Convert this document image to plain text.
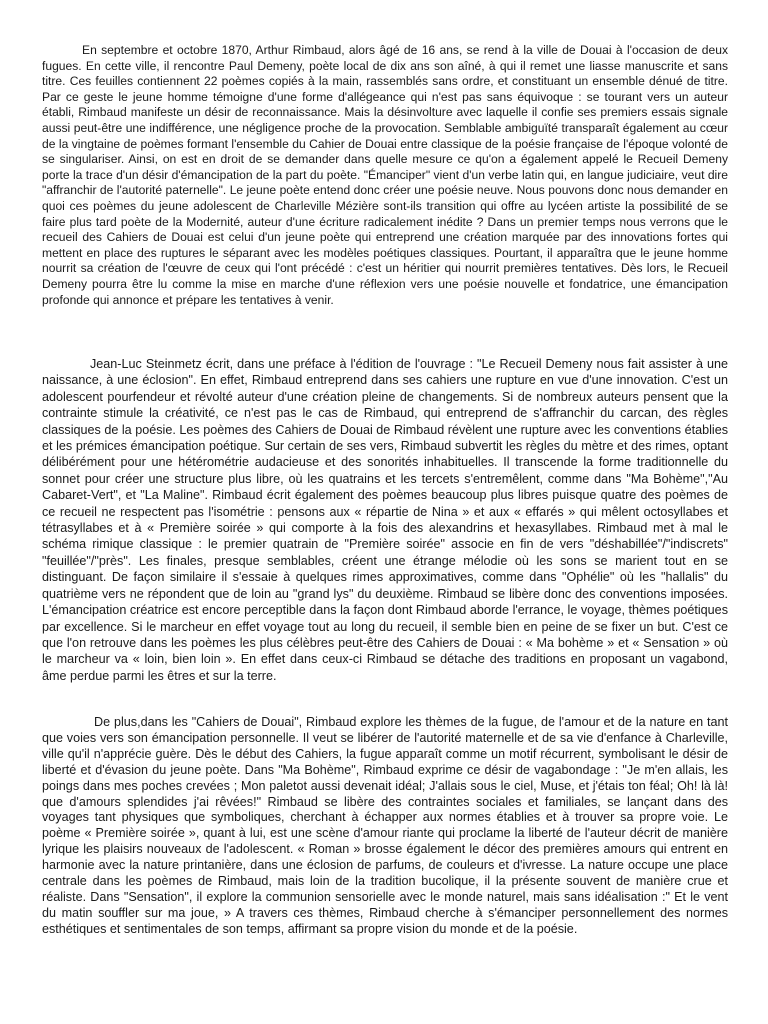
En septembre et octobre 1870, Arthur Rimbaud, alors âgé de 16 ans, se rend à la ville de Douai à l'occasion de deux fugues. En cette ville, il rencontre Paul Demeny, poète local de dix ans son aîné, à qui il remet une liasse manuscrite et sans titre. Ces feuilles contiennent 22 poèmes copiés à la main, rassemblés sans ordre, et constituant un ensemble dénué de titre. Par ce geste le jeune homme témoigne d'une forme d'allégeance qui n'est pas sans équivoque : se tourant vers un auteur établi, Rimbaud manifeste un désir de reconnaissance. Mais la désinvolture avec laquelle il confie ses premiers essais signale aussi peut-être une indifférence, une négligence proche de la provocation. Semblable ambiguïté transparaît également au cœur de la vingtaine de poèmes formant l'ensemble du Cahier de Douai entre classique de la poésie française de l'époque volonté de se singulariser. Ainsi, on est en droit de se demander dans quelle mesure ce qu'on a également appelé le Recueil Demeny porte la trace d'un désir d'émancipation de la part du poète. "Émanciper" vient d'un verbe latin qui, en langue judiciaire, veut dire "affranchir de l'autorité paternelle". Le jeune poète entend donc créer une poésie neuve. Nous pouvons donc nous demander en quoi ces poèmes du jeune adolescent de Charleville Mézière sont-ils transition qui offre au lycéen artiste la possibilité de se faire plus tard poète de la Modernité, auteur d'une écriture radicalement inédite ? Dans un premier temps nous verrons que le recueil des Cahiers de Douai est celui d'un jeune poète qui entreprend une création marquée par des innovations fortes qui mettent en place des ruptures le séparant avec les modèles poétiques classiques. Pourtant, il apparaîtra que le jeune homme nourrit sa création de l'œuvre de ceux qui l'ont précédé : c'est un héritier qui nourrit premières tentatives. Dès lors, le Recueil Demeny pourra être lu comme la mise en marche d'une réflexion vers une poésie nouvelle et fondatrice, une émancipation profonde qui annonce et prépare les tentatives à venir.

Jean-Luc Steinmetz écrit, dans une préface à l'édition de l'ouvrage : "Le Recueil Demeny nous fait assister à une naissance, à une éclosion". En effet, Rimbaud entreprend dans ses cahiers une rupture en vue d'une innovation. C'est un adolescent pourfendeur et révolté auteur d'une création pleine de changements. Si de nombreux auteurs pensent que la contrainte stimule la créativité, ce n'est pas le cas de Rimbaud, qui entreprend de s'affranchir du carcan, des règles classiques de la poésie. Les poèmes des Cahiers de Douai de Rimbaud révèlent une rupture avec les conventions établies et les prémices émancipation poétique. Sur certain de ses vers, Rimbaud subvertit les règles du mètre et des rimes, optant délibérément pour une hétérométrie audacieuse et des sonorités inhabituelles. Il transcende la forme traditionnelle du sonnet pour créer une structure plus libre, où les quatrains et les tercets s'entremêlent, comme dans "Ma Bohème","Au Cabaret-Vert", et "La Maline". Rimbaud écrit également des poèmes beaucoup plus libres puisque quatre des poèmes de ce recueil ne respectent pas l'isométrie : pensons aux « répartie de Nina » et aux « effarés » qui mêlent octosyllabes et tétrasyllabes et à « Première soirée » qui comporte à la fois des alexandrins et hexasyllabes. Rimbaud met à mal le schéma rimique classique : le premier quatrain de "Première soirée" associe en fin de vers "déshabillée"/"indiscrets" "feuillée"/"près". Les finales, presque semblables, créent une étrange mélodie où les sons se marient tout en se distinguant. De façon similaire il s'essaie à quelques rimes approximatives, comme dans "Ophélie" où les "hallalis" du quatrième vers ne répondent que de loin au "grand lys" du deuxième. Rimbaud se libère donc des conventions imposées. L'émancipation créatrice est encore perceptible dans la façon dont Rimbaud aborde l'errance, le voyage, thèmes poétiques par excellence. Si le marcheur en effet voyage tout au long du recueil, il semble bien en peine de se fixer un but. C'est ce que l'on retrouve dans les poèmes les plus célèbres peut-être des Cahiers de Douai : « Ma bohème » et « Sensation » où le marcheur va « loin, bien loin ». En effet dans ceux-ci Rimbaud se détache des traditions en proposant un vagabond, âme perdue parmi les êtres et sur la terre.

De plus,dans les "Cahiers de Douai", Rimbaud explore les thèmes de la fugue, de l'amour et de la nature en tant que voies vers son émancipation personnelle. Il veut se libérer de l'autorité maternelle et de sa vie d'enfance à Charleville, ville qu'il n'apprécie guère. Dès le début des Cahiers, la fugue apparaît comme un motif récurrent, symbolisant le désir de liberté et d'évasion du jeune poète. Dans "Ma Bohème", Rimbaud exprime ce désir de vagabondage : "Je m'en allais, les poings dans mes poches crevées ; Mon paletot aussi devenait idéal; J'allais sous le ciel, Muse, et j'étais ton féal; Oh! là là! que d'amours splendides j'ai rêvées!" Rimbaud se libère des contraintes sociales et familiales, se lançant dans des voyages tant physiques que symboliques, cherchant à échapper aux normes établies et à trouver sa propre voie. Le poème « Première soirée », quant à lui, est une scène d'amour riante qui proclame la liberté de l'auteur décrit de manière lyrique les plaisirs nouveaux de l'adolescent. « Roman » brosse également le décor des premières amours qui entrent en harmonie avec la nature printanière, dans une éclosion de parfums, de couleurs et d'ivresse. La nature occupe une place centrale dans les poèmes de Rimbaud, mais loin de la tradition bucolique, il la présente souvent de manière crue et réaliste. Dans "Sensation", il explore la communion sensorielle avec le monde naturel, mais sans idéalisation :" Et le vent du matin souffler sur ma joue, » A travers ces thèmes, Rimbaud cherche à s'émanciper personnellement des normes esthétiques et sentimentales de son temps, affirmant sa propre vision du monde et de la poésie.
